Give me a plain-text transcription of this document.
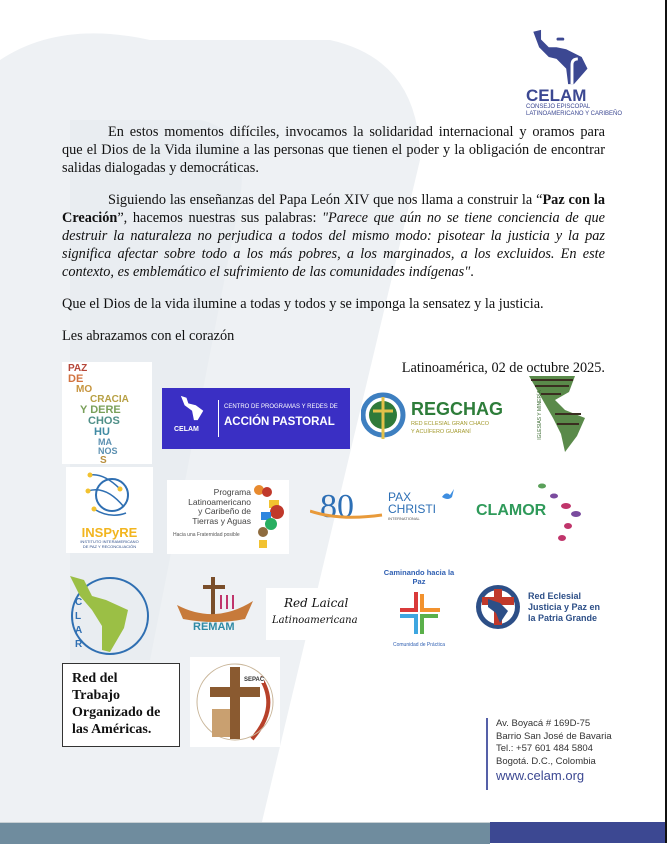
CELAM
CONSEJO EPISCOPAL LATINOAMERICANO Y CARIBEÑO

En estos momentos difíciles, invocamos la solidaridad internacional y oramos para que el Dios de la Vida ilumine a las personas que tienen el poder y la obligación de encontrar salidas dialogadas y democráticas.

Siguiendo las enseñanzas del Papa León XIV que nos llama a construir la “Paz con la Creación”, hacemos nuestras sus palabras: "Parece que aún no se tiene conciencia de que destruir la naturaleza no perjudica a todos del mismo modo: pisotear la justicia y la paz significa afectar sobre todo a los más pobres, a los marginados, a los excluidos. En este contexto, es emblemático el sufrimiento de las comunidades indígenas".

Que el Dios de la vida ilumine a todas y todos y se imponga la sensatez y la justicia.

Les abrazamos con el corazón

Latinoamérica, 02 de octubre 2025.

PAZ
DE
MO
CRACIA
Y DERE
CHOS
HU
MA
NOS
S
CELAM
CENTRO DE PROGRAMAS Y REDES DE
ACCIÓN PASTORAL
REGCHAG
RED ECLESIAL GRAN CHACO
Y ACUÍFERO GUARANÍ	IGLESIAS Y MINERÍA
INSPyRE
INSTITUTO INTERAMERICANO
DE PAZ Y RECONCILIACIÓN
Programa
Latinoamericano
y Caribeño de
Tierras y Aguas
Hacia una Fraternidad posible
80	PAX
CHRISTI
INTERNATIONAL	CLAMOR
CLAR
REMAM
Red Laical
Latinoamericana
Caminando hacia la Paz
Comunidad de Práctica
Red Eclesial
Justicia y Paz en
la Patria Grande
Red del
Trabajo
Organizado de
las Américas.
SEPAC
Av. Boyacá # 169D-75
Barrio San José de Bavaria
Tel.: +57 601 484 5804
Bogotá. D.C., Colombia
www.celam.org
